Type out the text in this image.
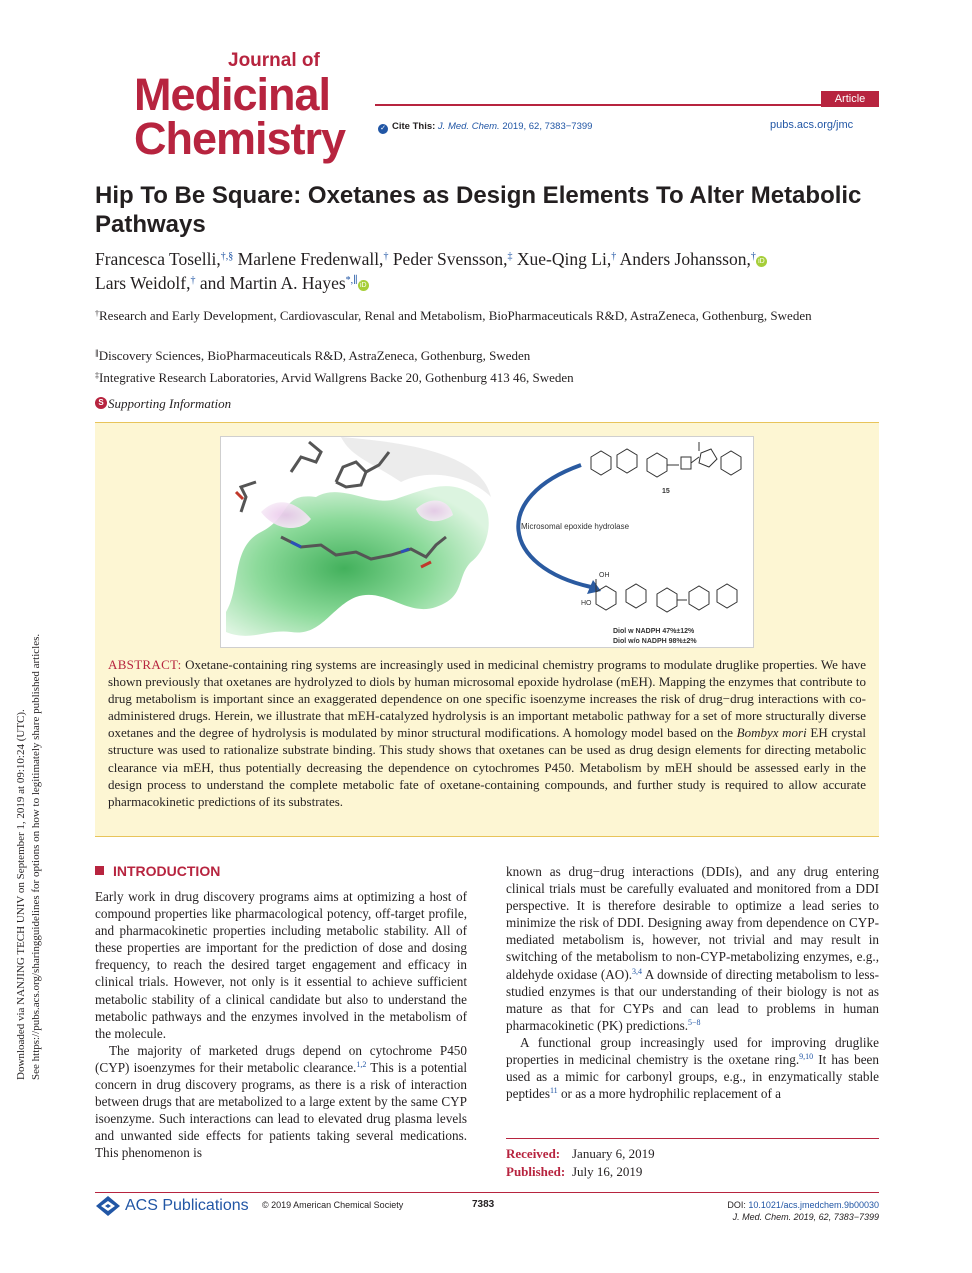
Downloaded via NANJING TECH UNIV on September 1, 2019 at 09:10:24 (UTC). See https://pubs.acs.org/sharingguidelines for options on how to legitimately share published articles.
Journal of
Medicinal
Chemistry
Article
✓ Cite This: J. Med. Chem. 2019, 62, 7383−7399	pubs.acs.org/jmc
Hip To Be Square: Oxetanes as Design Elements To Alter Metabolic Pathways
Francesca Toselli,†,§ Marlene Fredenwall,† Peder Svensson,‡ Xue-Qing Li,† Anders Johansson,† iD
Lars Weidolf,† and Martin A. Hayes*,∥ iD
†Research and Early Development, Cardiovascular, Renal and Metabolism, BioPharmaceuticals R&D, AstraZeneca, Gothenburg, Sweden
∥Discovery Sciences, BioPharmaceuticals R&D, AstraZeneca, Gothenburg, Sweden
‡Integrative Research Laboratories, Arvid Wallgrens Backe 20, Gothenburg 413 46, Sweden
S Supporting Information
Microsomal epoxide hydrolase
15
OH
HO
Diol w NADPH 47%±12%
Diol w/o NADPH 98%±2%
ABSTRACT: Oxetane-containing ring systems are increasingly used in medicinal chemistry programs to modulate druglike properties. We have shown previously that oxetanes are hydrolyzed to diols by human microsomal epoxide hydrolase (mEH). Mapping the enzymes that contribute to drug metabolism is important since an exaggerated dependence on one specific isoenzyme increases the risk of drug−drug interactions with co-administered drugs. Herein, we illustrate that mEH-catalyzed hydrolysis is an important metabolic pathway for a set of more structurally diverse oxetanes and the degree of hydrolysis is modulated by minor structural modifications. A homology model based on the Bombyx mori EH crystal structure was used to rationalize substrate binding. This study shows that oxetanes can be used as drug design elements for directing metabolic clearance via mEH, thus potentially decreasing the dependence on cytochromes P450. Metabolism by mEH should be assessed early in the design process to understand the complete metabolic fate of oxetane-containing compounds, and further study is required to allow accurate pharmacokinetic predictions of its substrates.
INTRODUCTION

Early work in drug discovery programs aims at optimizing a host of compound properties like pharmacological potency, off-target profile, and pharmacokinetic properties including metabolic stability. All of these properties are important for the prediction of dose and dosing frequency, to reach the desired target engagement and efficacy in clinical trials. However, not only is it essential to achieve sufficient metabolic stability of a clinical candidate but also to understand the metabolic pathways and the enzymes involved in the metabolism of the molecule.

The majority of marketed drugs depend on cytochrome P450 (CYP) isoenzymes for their metabolic clearance.$^{1,2}$ This is a potential concern in drug discovery programs, as there is a risk of interaction between drugs that are metabolized to a large extent by the same CYP isoenzyme. Such interactions can lead to elevated drug plasma levels and unwanted side effects for patients taking several medications. This phenomenon is

known as drug−drug interactions (DDIs), and any drug entering clinical trials must be carefully evaluated and monitored from a DDI perspective. It is therefore desirable to optimize a lead series to minimize the risk of DDI. Designing away from dependence on CYP-mediated metabolism is, however, not trivial and may result in switching of the metabolism to non-CYP-metabolizing enzymes, e.g., aldehyde oxidase (AO).$^{3,4}$ A downside of directing metabolism to less-studied enzymes is that our understanding of their biology is not as mature as that for CYPs and can lead to problems in human pharmacokinetic (PK) predictions.$^{5-8}$

A functional group increasingly used for improving druglike properties in medicinal chemistry is the oxetane ring.$^{9,10}$ It has been used as a mimic for carbonyl groups, e.g., in enzymatically stable peptides$^{11}$ or as a more hydrophilic replacement of a

Received: January 6, 2019
Published: July 16, 2019
ACS Publications © 2019 American Chemical Society	7383	DOI: 10.1021/acs.jmedchem.9b00030
J. Med. Chem. 2019, 62, 7383−7399
